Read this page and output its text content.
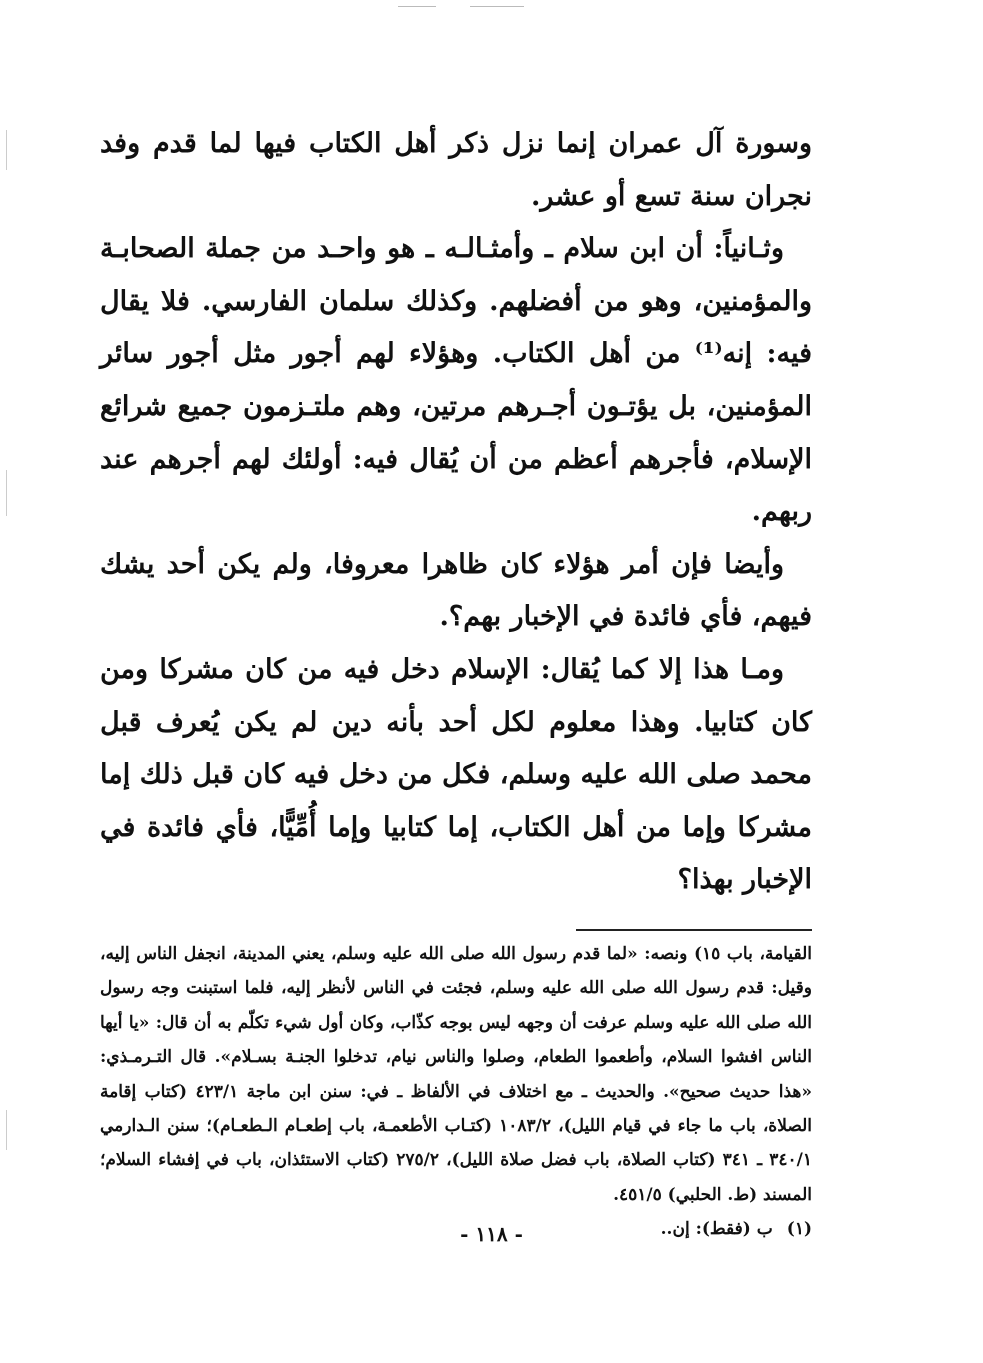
وسورة آل عمران إنما نزل ذكر أهل الكتاب فيها لما قدم وفد نجران سنة تسع أو عشر.

وثـانياً: أن ابن سلام ـ وأمثـالـه ـ هو واحـد من جملة الصحابـة والمؤمنين، وهو من أفضلهم. وكذلك سلمان الفارسي. فلا يقال فيه: إنه⁽¹⁾ من أهل الكتاب. وهؤلاء لهم أجور مثل أجور سائر المؤمنين، بل يؤتـون أجـرهم مرتين، وهم ملتـزمون جميع شرائع الإسلام، فأجرهم أعظم من أن يُقال فيه: أولئك لهم أجرهم عند ربهم.

وأيضا فإن أمر هؤلاء كان ظاهرا معروفا، ولم يكن أحد يشك فيهم، فأي فائدة في الإخبار بهم؟.

ومـا هذا إلا كما يُقال: الإسلام دخل فيه من كان مشركا ومن كان كتابيا. وهذا معلوم لكل أحد بأنه دين لم يكن يُعرف قبل محمد صلى الله عليه وسلم، فكل من دخل فيه كان قبل ذلك إما مشركا وإما من أهل الكتاب، إما كتابيا وإما أُمِّيًّا، فأي فائدة في الإخبار بهذا؟

القيامة، باب ١٥) ونصه: «لما قدم رسول الله صلى الله عليه وسلم، يعني المدينة، انجفل الناس إليه، وقيل: قدم رسول الله صلى الله عليه وسلم، فجئت في الناس لأنظر إليه، فلما استبنت وجه رسول الله صلى الله عليه وسلم عرفت أن وجهه ليس بوجه كذّاب، وكان أول شيء تكلّم به أن قال: «يا أيها الناس افشوا السلام، وأطعموا الطعام، وصلوا والناس نيام، تدخلوا الجنـة بسـلام». قال التـرمـذي: «هذا حديث صحيح». والحديث ـ مع اختلاف في الألفاظ ـ في: سنن ابن ماجة ٤٢٣/١ (كتاب إقامة الصلاة، باب ما جاء في قيام الليل)، ١٠٨٣/٢ (كتـاب الأطعمـة، باب إطعـام الـطعـام)؛ سنن الـدارمي ٣٤٠/١ ـ ٣٤١ (كتاب الصلاة، باب فضل صلاة الليل)، ٢٧٥/٢ (كتاب الاستئذان، باب في إفشاء السلام؛ المسند (ط. الحلبي) ٤٥١/٥.

(١)ب (فقط): إن..

- ١١٨ -
